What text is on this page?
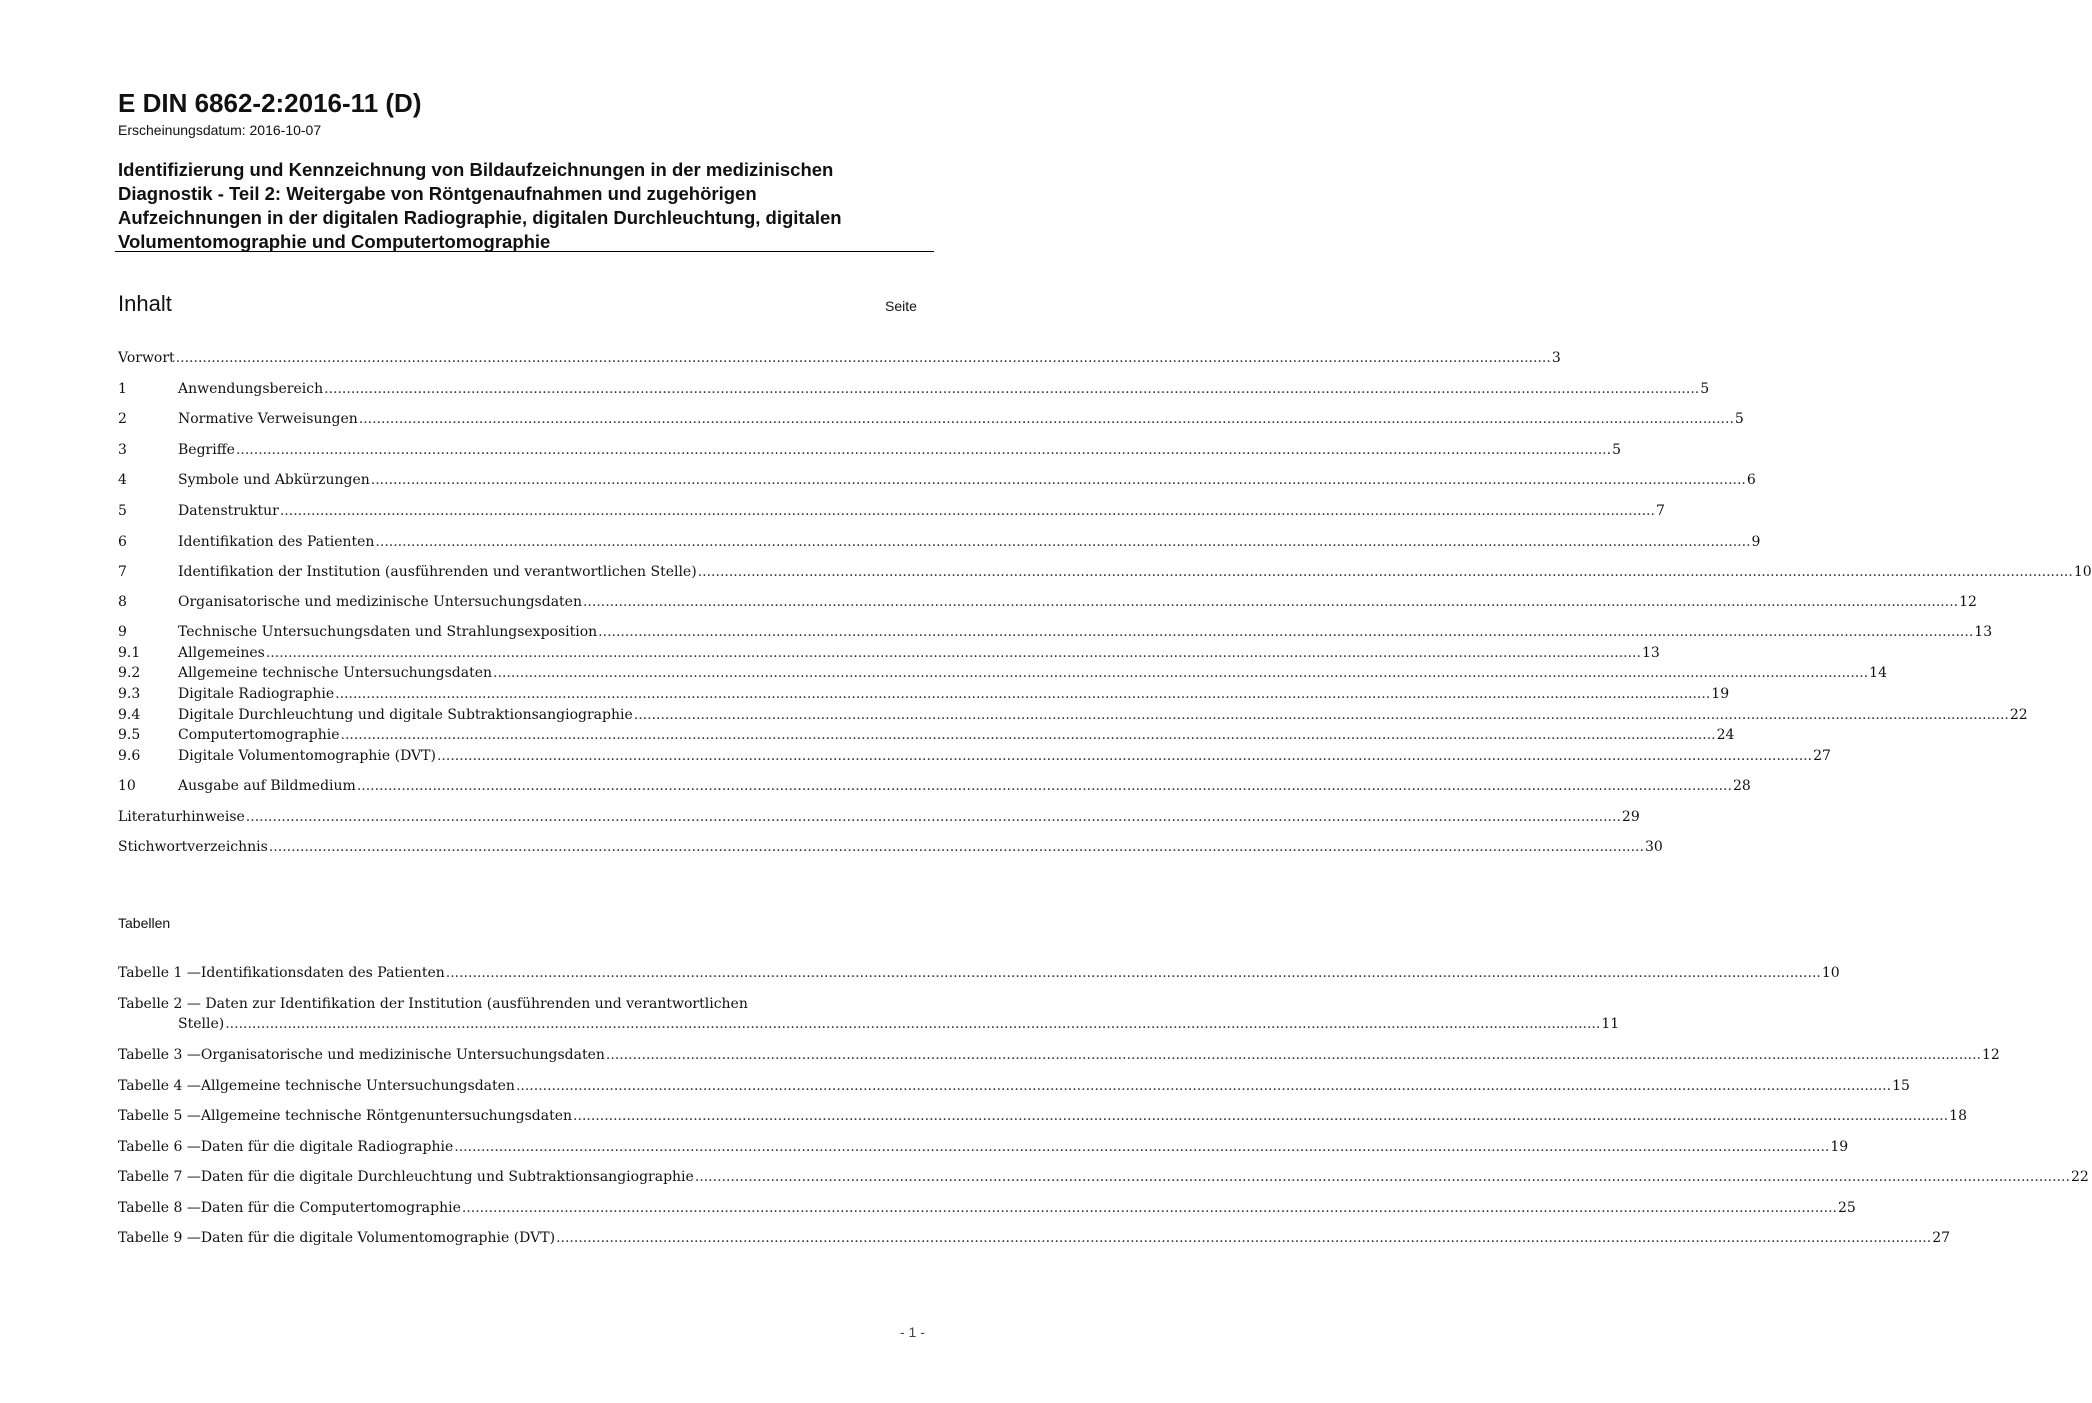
E DIN 6862-2:2016-11 (D)
Erscheinungsdatum: 2016-10-07
Identifizierung und Kennzeichnung von Bildaufzeichnungen in der medizinischen
Diagnostik - Teil 2: Weitergabe von Röntgenaufnahmen und zugehörigen
Aufzeichnungen in der digitalen Radiographie, digitalen Durchleuchtung, digitalen
Volumentomographie und Computertomographie
Inhalt	Seite
Vorwort ..................................................................................................................................................................................................................................................................................................................... 3
1	Anwendungsbereich ..................................................................................................................................................................................................................................................................................................................... 5
2	Normative Verweisungen ..................................................................................................................................................................................................................................................................................................................... 5
3	Begriffe ..................................................................................................................................................................................................................................................................................................................... 5
4	Symbole und Abkürzungen ..................................................................................................................................................................................................................................................................................................................... 6
5	Datenstruktur ..................................................................................................................................................................................................................................................................................................................... 7
6	Identifikation des Patienten ..................................................................................................................................................................................................................................................................................................................... 9
7	Identifikation der Institution (ausführenden und verantwortlichen Stelle) ..................................................................................................................................................................................................................................................................................................................... 10
8	Organisatorische und medizinische Untersuchungsdaten ..................................................................................................................................................................................................................................................................................................................... 12
9	Technische Untersuchungsdaten und Strahlungsexposition ..................................................................................................................................................................................................................................................................................................................... 13
9.1	Allgemeines ..................................................................................................................................................................................................................................................................................................................... 13
9.2	Allgemeine technische Untersuchungsdaten ..................................................................................................................................................................................................................................................................................................................... 14
9.3	Digitale Radiographie ..................................................................................................................................................................................................................................................................................................................... 19
9.4	Digitale Durchleuchtung und digitale Subtraktionsangiographie ..................................................................................................................................................................................................................................................................................................................... 22
9.5	Computertomographie ..................................................................................................................................................................................................................................................................................................................... 24
9.6	Digitale Volumentomographie (DVT) ..................................................................................................................................................................................................................................................................................................................... 27
10	Ausgabe auf Bildmedium ..................................................................................................................................................................................................................................................................................................................... 28
Literaturhinweise ..................................................................................................................................................................................................................................................................................................................... 29
Stichwortverzeichnis ..................................................................................................................................................................................................................................................................................................................... 30
Tabellen
Tabelle 1 — Identifikationsdaten des Patienten ..................................................................................................................................................................................................................................................................................................................... 10
Tabelle 2 — Daten zur Identifikation der Institution (ausführenden und verantwortlichen
Stelle) ..................................................................................................................................................................................................................................................................................................................... 11
Tabelle 3 — Organisatorische und medizinische Untersuchungsdaten ..................................................................................................................................................................................................................................................................................................................... 12
Tabelle 4 — Allgemeine technische Untersuchungsdaten ..................................................................................................................................................................................................................................................................................................................... 15
Tabelle 5 — Allgemeine technische Röntgenuntersuchungsdaten ..................................................................................................................................................................................................................................................................................................................... 18
Tabelle 6 — Daten für die digitale Radiographie ..................................................................................................................................................................................................................................................................................................................... 19
Tabelle 7 — Daten für die digitale Durchleuchtung und Subtraktionsangiographie ..................................................................................................................................................................................................................................................................................................................... 22
Tabelle 8 — Daten für die Computertomographie ..................................................................................................................................................................................................................................................................................................................... 25
Tabelle 9 — Daten für die digitale Volumentomographie (DVT) ..................................................................................................................................................................................................................................................................................................................... 27
- 1 -
